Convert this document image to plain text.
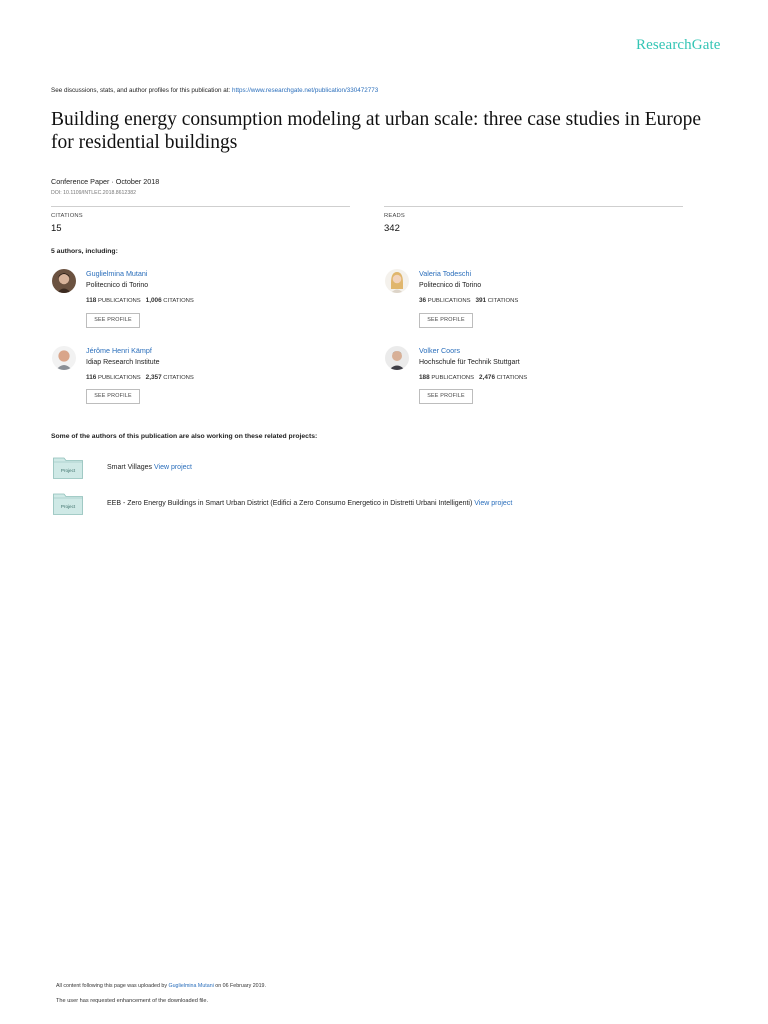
ResearchGate
See discussions, stats, and author profiles for this publication at: https://www.researchgate.net/publication/330472773
Building energy consumption modeling at urban scale: three case studies in Europe for residential buildings
Conference Paper · October 2018
DOI: 10.1109/INTLEC.2018.8612382
CITATIONS
15
READS
342
5 authors, including:
Guglielmina Mutani
Politecnico di Torino
118 PUBLICATIONS 1,006 CITATIONS
SEE PROFILE
Valeria Todeschi
Politecnico di Torino
36 PUBLICATIONS 391 CITATIONS
SEE PROFILE
Jérôme Henri Kämpf
Idiap Research Institute
116 PUBLICATIONS 2,357 CITATIONS
SEE PROFILE
Volker Coors
Hochschule für Technik Stuttgart
188 PUBLICATIONS 2,476 CITATIONS
SEE PROFILE
Some of the authors of this publication are also working on these related projects:
Project	Smart Villages View project
Project	EEB - Zero Energy Buildings in Smart Urban District (Edifici a Zero Consumo Energetico in Distretti Urbani Intelligenti) View project
All content following this page was uploaded by Guglielmina Mutani on 06 February 2019.
The user has requested enhancement of the downloaded file.
